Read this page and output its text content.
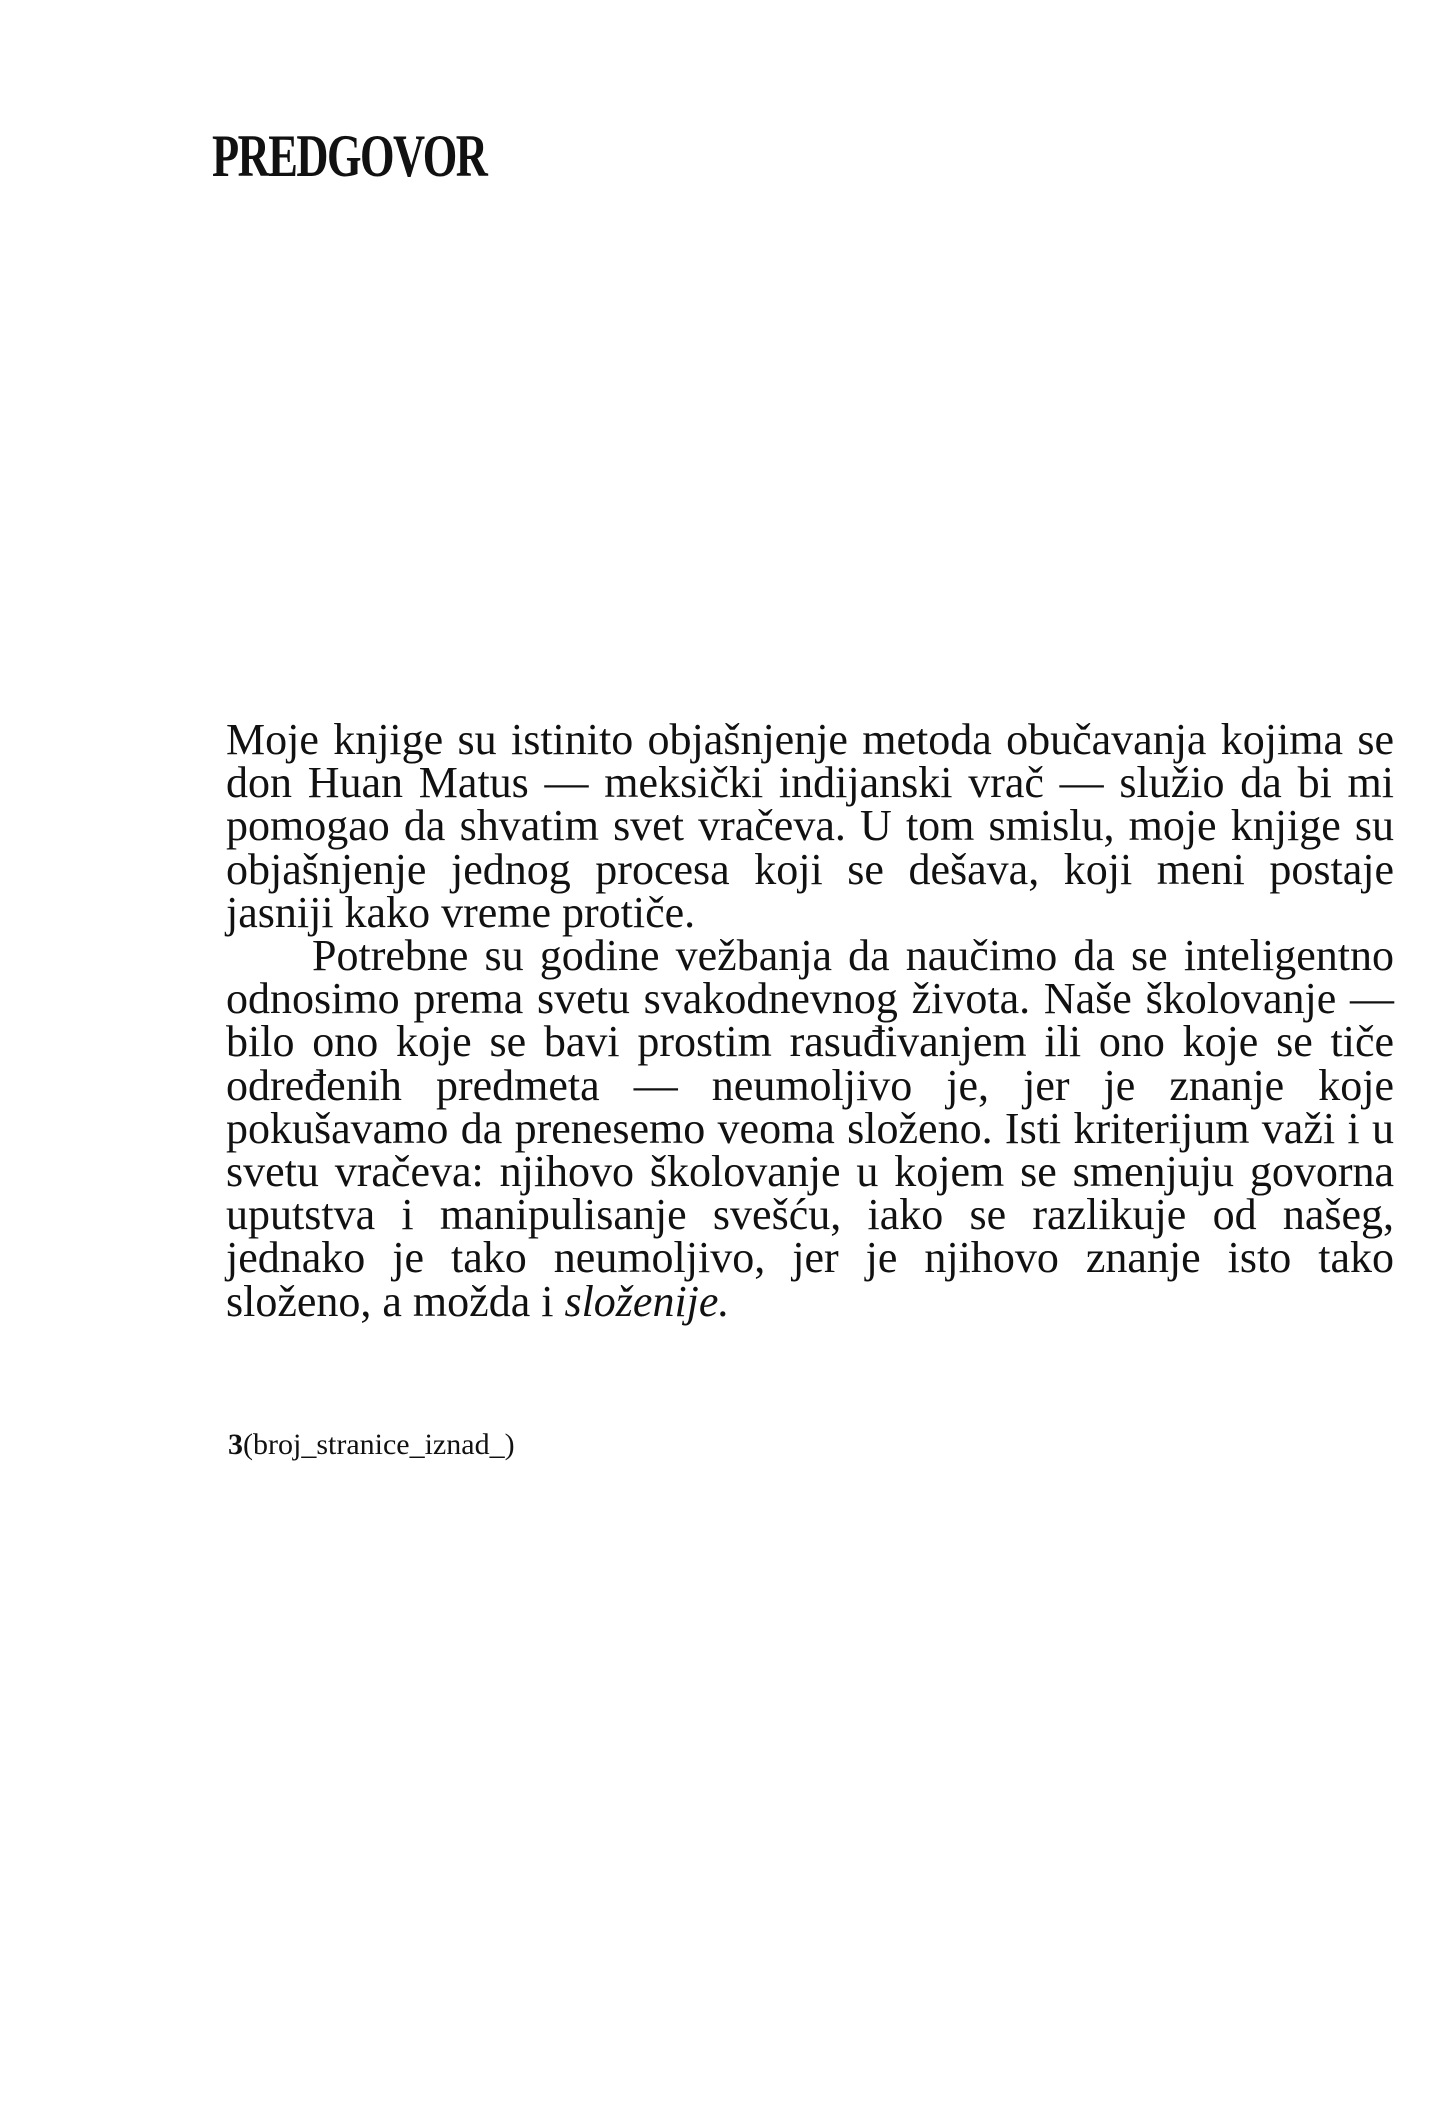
PREDGOVOR

Moje knjige su istinito objašnjenje metoda obučavanja kojima se don Huan Matus — meksički indijanski vrač — služio da bi mi pomogao da shvatim svet vračeva. U tom smislu, moje knjige su objašnjenje jednog procesa koji se dešava, koji meni postaje jasniji kako vreme protiče.

Potrebne su godine vežbanja da naučimo da se inteligentno odnosimo prema svetu svakodnevnog života. Naše školovanje — bilo ono koje se bavi prostim rasuđivanjem ili ono koje se tiče određenih predmeta — neumoljivo je, jer je znanje koje pokušavamo da prenesemo veoma složeno. Isti kriterijum važi i u svetu vračeva: njihovo školovanje u kojem se smenjuju govorna uputstva i manipulisanje svešću, iako se razlikuje od našeg, jednako je tako neumoljivo, jer je njihovo znanje isto tako složeno, a možda i složenije.

3(broj_stranice_iznad_)
